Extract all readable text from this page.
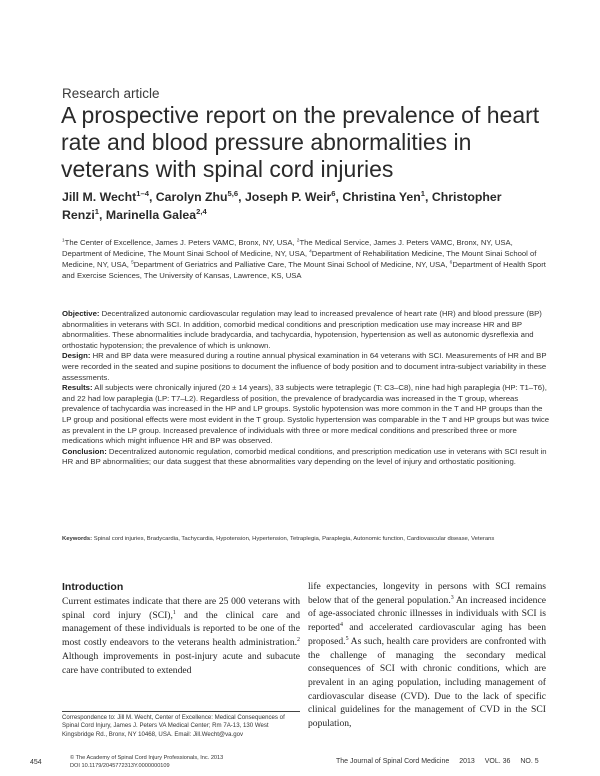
Research article
A prospective report on the prevalence of heart rate and blood pressure abnormalities in veterans with spinal cord injuries
Jill M. Wecht$^{1-4}$, Carolyn Zhu$^{5,6}$, Joseph P. Weir$^6$, Christina Yen$^1$, Christopher Renzi$^1$, Marinella Galea$^{2,4}$
$^1$The Center of Excellence, James J. Peters VAMC, Bronx, NY, USA, $^2$The Medical Service, James J. Peters VAMC, Bronx, NY, USA, Department of Medicine, The Mount Sinai School of Medicine, NY, USA, $^4$Department of Rehabilitation Medicine, The Mount Sinai School of Medicine, NY, USA, $^5$Department of Geriatrics and Palliative Care, The Mount Sinai School of Medicine, NY, USA, $^6$Department of Health Sport and Exercise Sciences, The University of Kansas, Lawrence, KS, USA

Objective: Decentralized autonomic cardiovascular regulation may lead to increased prevalence of heart rate (HR) and blood pressure (BP) abnormalities in veterans with SCI. In addition, comorbid medical conditions and prescription medication use may increase HR and BP abnormalities. These abnormalities include bradycardia, and tachycardia, hypotension, hypertension as well as autonomic dysreflexia and orthostatic hypotension; the prevalence of which is unknown.

Design: HR and BP data were measured during a routine annual physical examination in 64 veterans with SCI. Measurements of HR and BP were recorded in the seated and supine positions to document the influence of body position and to document intra-subject variability in these assessments.

Results: All subjects were chronically injured (20 ± 14 years), 33 subjects were tetraplegic (T: C3–C8), nine had high paraplegia (HP: T1–T6), and 22 had low paraplegia (LP: T7–L2). Regardless of position, the prevalence of bradycardia was increased in the T group, whereas prevalence of tachycardia was increased in the HP and LP groups. Systolic hypotension was more common in the T and HP groups than the LP group and positional effects were most evident in the T group. Systolic hypertension was comparable in the T and HP groups but was twice as prevalent in the LP group. Increased prevalence of individuals with three or more medical conditions and prescribed three or more medications which might influence HR and BP was observed.

Conclusion: Decentralized autonomic regulation, comorbid medical conditions, and prescription medication use in veterans with SCI result in HR and BP abnormalities; our data suggest that these abnormalities vary depending on the level of injury and orthostatic positioning.

Keywords: Spinal cord injuries, Bradycardia, Tachycardia, Hypotension, Hypertension, Tetraplegia, Paraplegia, Autonomic function, Cardiovascular disease, Veterans
Introduction
Current estimates indicate that there are 25 000 veterans with spinal cord injury (SCI),$^1$ and the clinical care and management of these individuals is reported to be one of the most costly endeavors to the veterans health administration.$^2$ Although improvements in post-injury acute and subacute care have contributed to extended
life expectancies, longevity in persons with SCI remains below that of the general population.$^3$ An increased incidence of age-associated chronic illnesses in individuals with SCI is reported$^4$ and accelerated cardiovascular aging has been proposed.$^5$ As such, health care providers are confronted with the challenge of managing the secondary medical consequences of SCI with chronic conditions, which are prevalent in an aging population, including management of cardiovascular disease (CVD). Due to the lack of specific clinical guidelines for the management of CVD in the SCI population,
Correspondence to: Jill M. Wecht, Center of Excellence: Medical Consequences of Spinal Cord Injury, James J. Peters VA Medical Center; Rm 7A-13, 130 West Kingsbridge Rd., Bronx, NY 10468, USA. Email: Jill.Wecht@va.gov
454
© The Academy of Spinal Cord Injury Professionals, Inc. 2013
DOI 10.1179/2045772313Y.0000000109
The Journal of Spinal Cord Medicine 2013 VOL. 36 NO. 5
